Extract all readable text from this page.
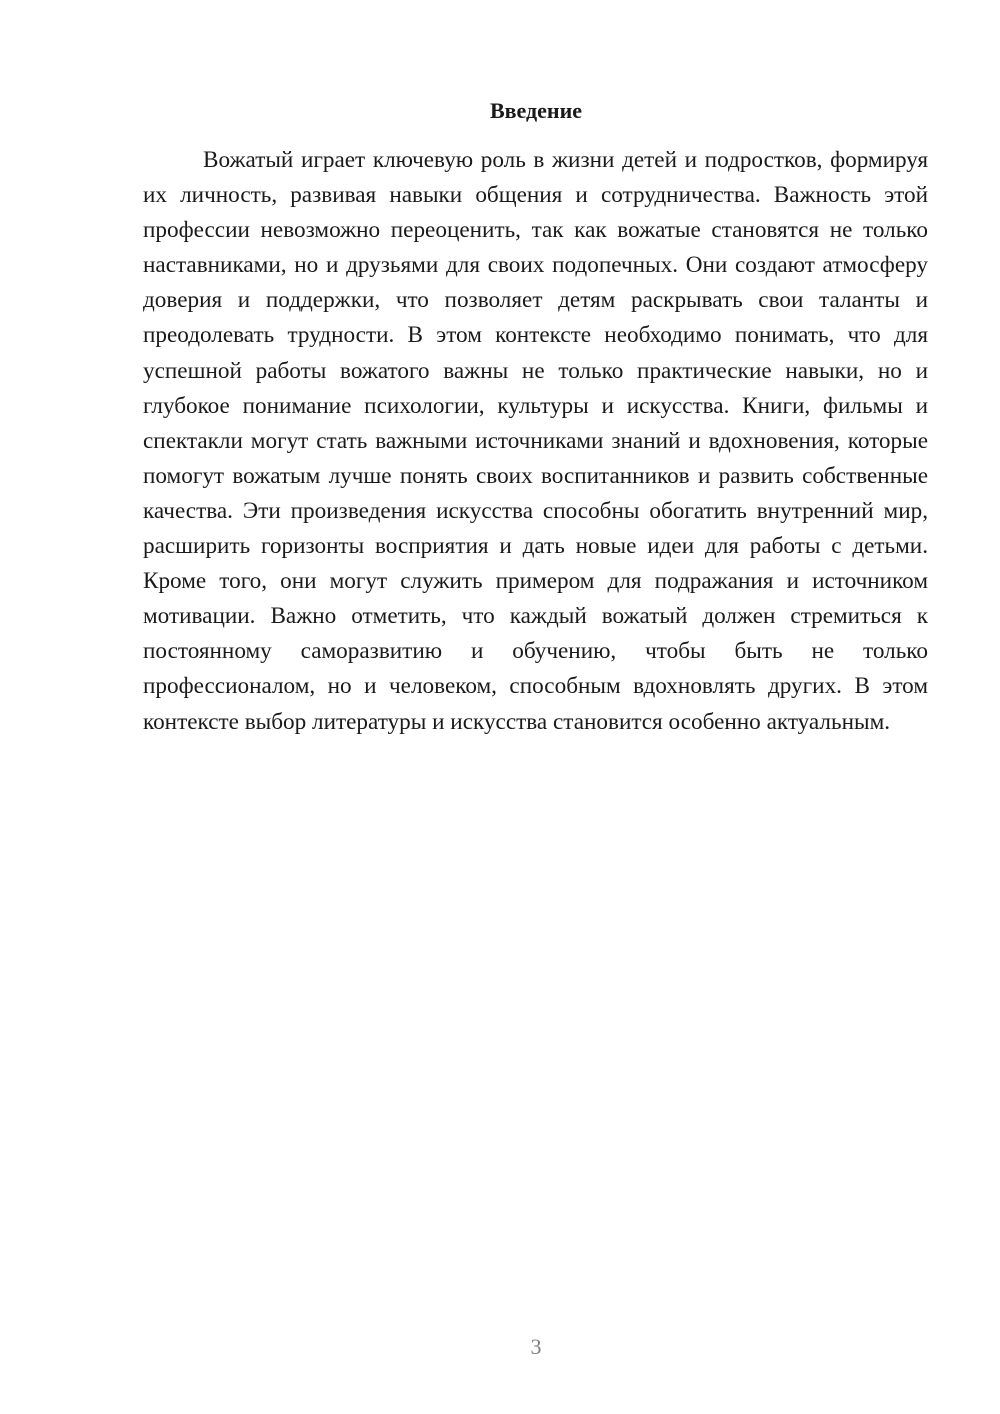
Введение

Вожатый играет ключевую роль в жизни детей и подростков, формируя их личность, развивая навыки общения и сотрудничества. Важность этой профессии невозможно переоценить, так как вожатые становятся не только наставниками, но и друзьями для своих подопечных. Они создают атмосферу доверия и поддержки, что позволяет детям раскрывать свои таланты и преодолевать трудности. В этом контексте необходимо понимать, что для успешной работы вожатого важны не только практические навыки, но и глубокое понимание психологии, культуры и искусства. Книги, фильмы и спектакли могут стать важными источниками знаний и вдохновения, которые помогут вожатым лучше понять своих воспитанников и развить собственные качества. Эти произведения искусства способны обогатить внутренний мир, расширить горизонты восприятия и дать новые идеи для работы с детьми. Кроме того, они могут служить примером для подражания и источником мотивации. Важно отметить, что каждый вожатый должен стремиться к постоянному саморазвитию и обучению, чтобы быть не только профессионалом, но и человеком, способным вдохновлять других. В этом контексте выбор литературы и искусства становится особенно актуальным.

3
